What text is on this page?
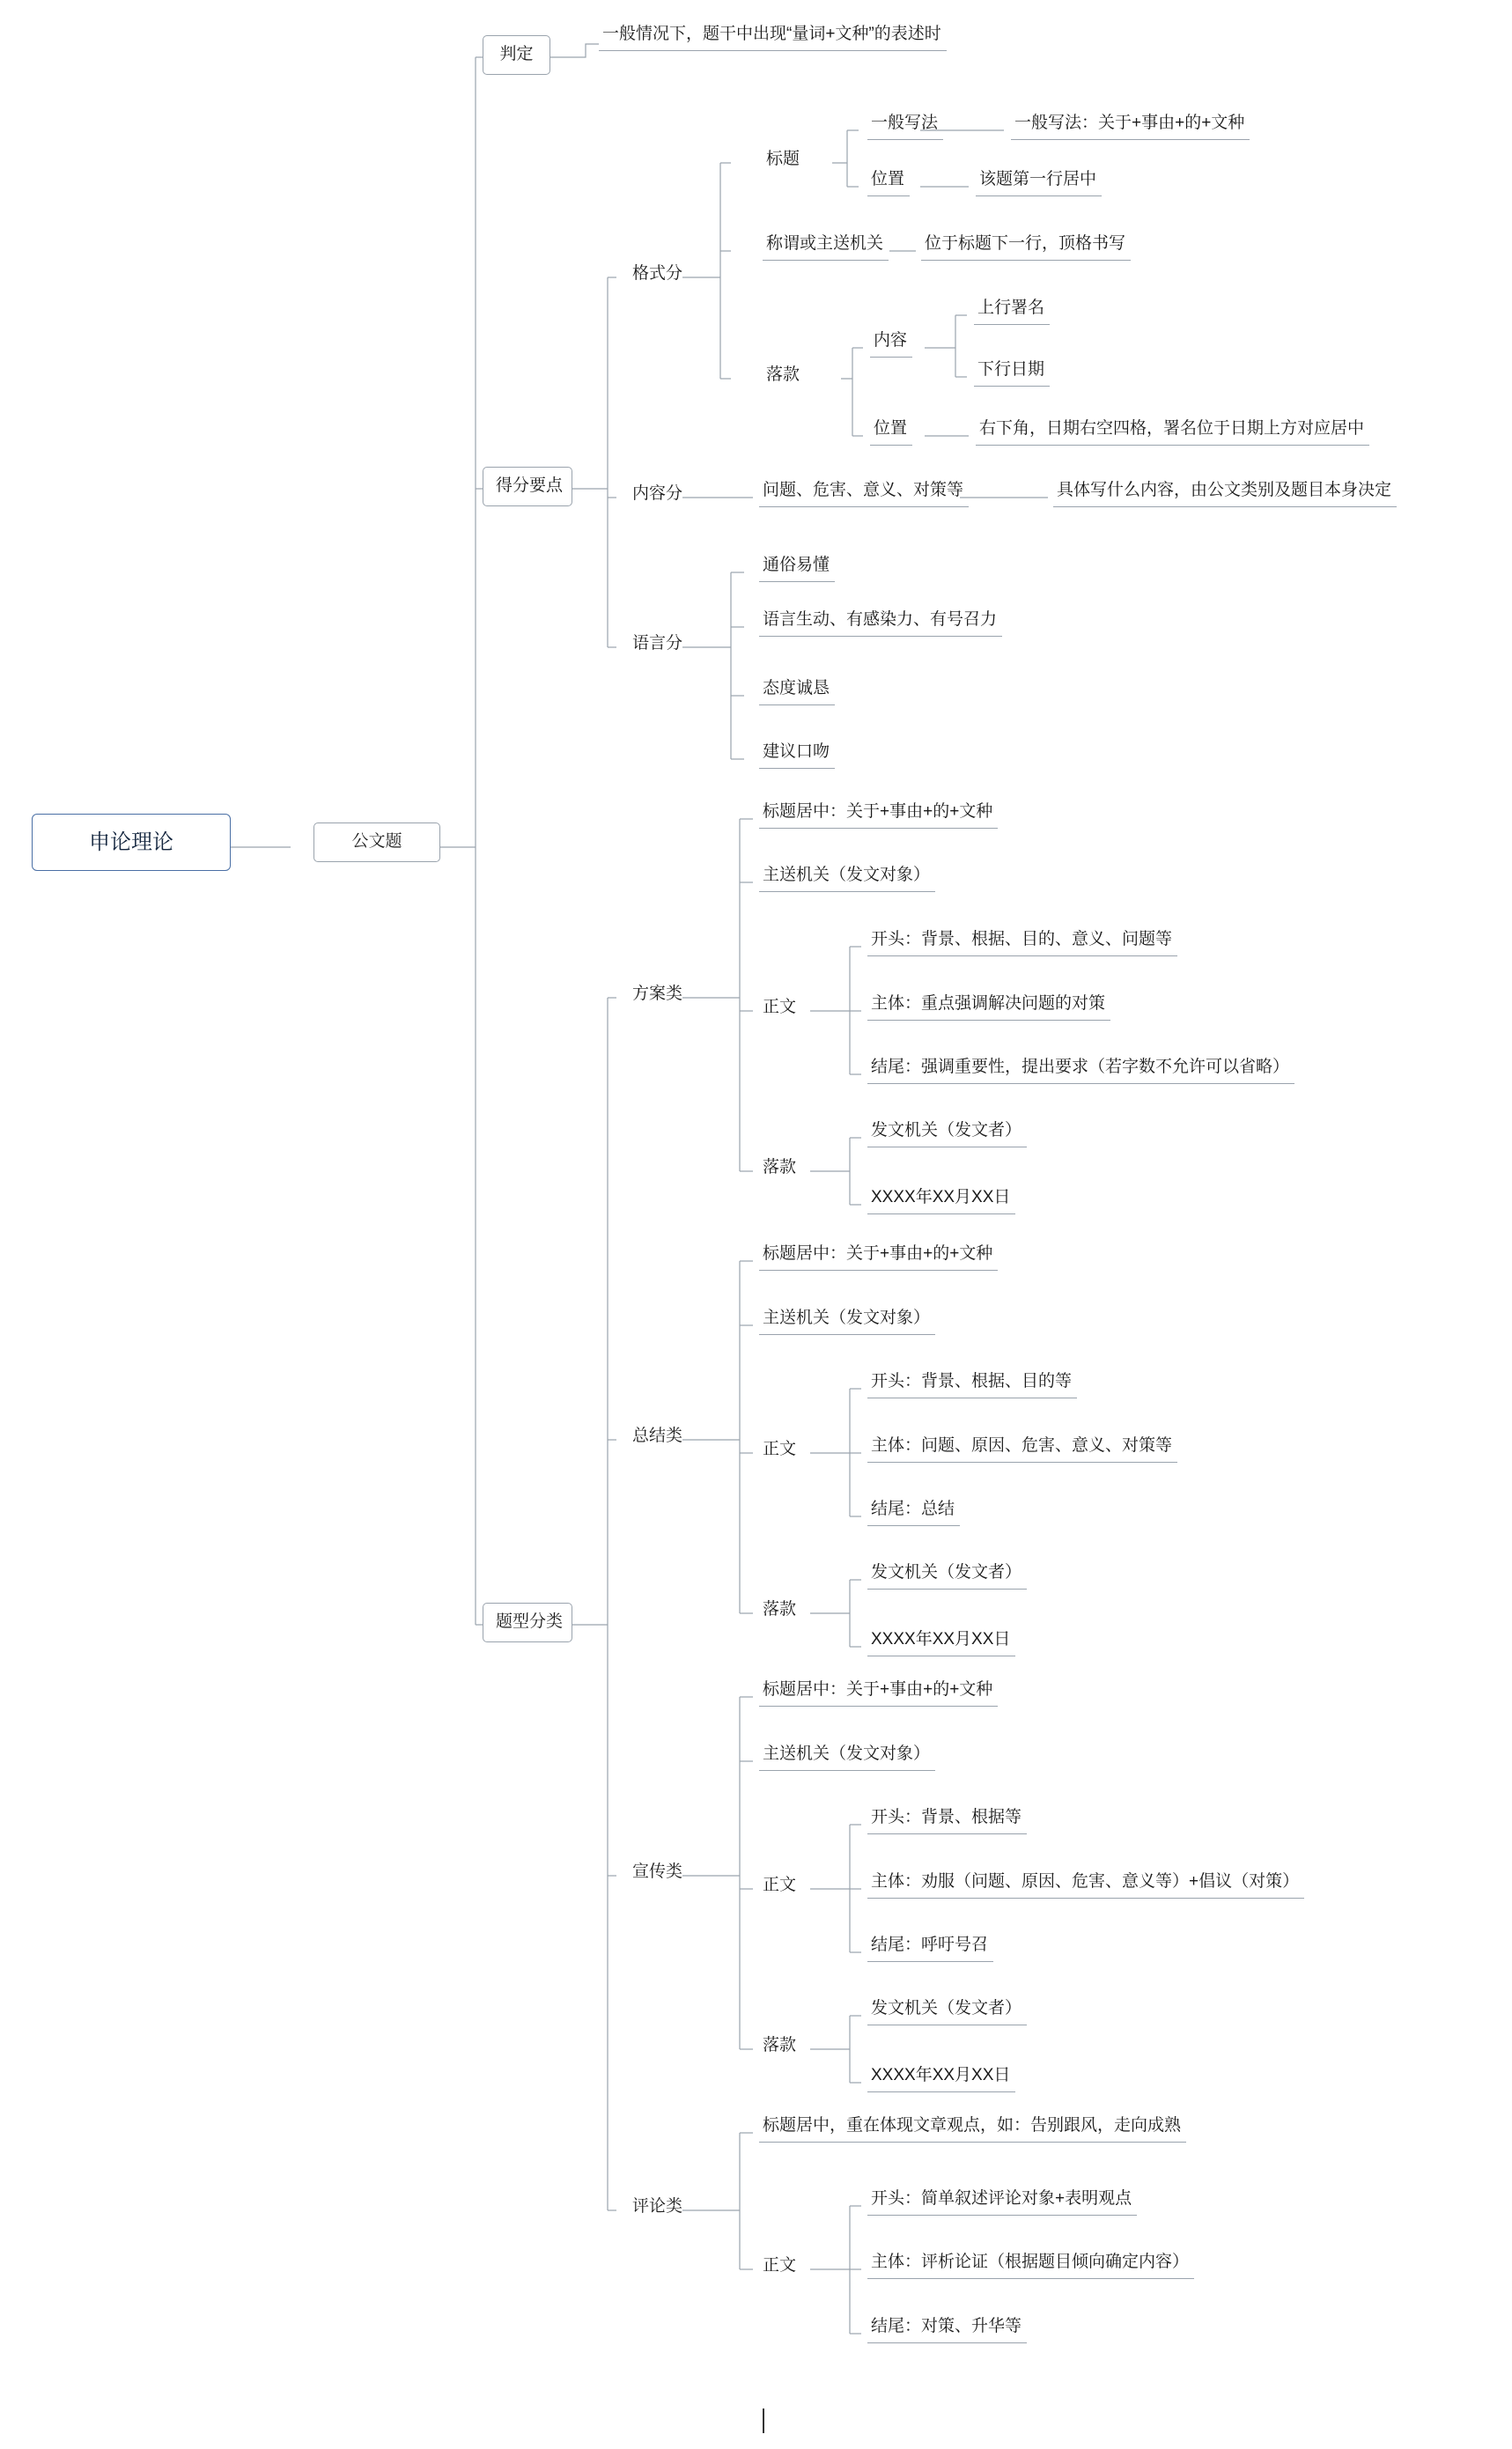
申论理论	公文题
判定
一般情况下，题干中出现“量词+文种”的表述时
得分要点
题型分类
格式分
内容分
语言分
标题
称谓或主送机关
落款
一般写法	一般写法：关于+事由+的+文种
位置	该题第一行居中
位于标题下一行，顶格书写
内容
上行署名
下行日期
位置	右下角，日期右空四格，署名位于日期上方对应居中
问题、危害、意义、对策等	具体写什么内容，由公文类别及题目本身决定
通俗易懂
语言生动、有感染力、有号召力
态度诚恳
建议口吻
方案类
标题居中：关于+事由+的+文种
主送机关（发文对象）
正文
开头：背景、根据、目的、意义、问题等
主体：重点强调解决问题的对策
结尾：强调重要性，提出要求（若字数不允许可以省略）
落款
发文机关（发文者）
XXXX年XX月XX日
总结类
标题居中：关于+事由+的+文种
主送机关（发文对象）
正文
开头：背景、根据、目的等
主体：问题、原因、危害、意义、对策等
结尾：总结
落款
发文机关（发文者）
XXXX年XX月XX日
宣传类
标题居中：关于+事由+的+文种
主送机关（发文对象）
正文
开头：背景、根据等
主体：劝服（问题、原因、危害、意义等）+倡议（对策）
结尾：呼吁号召
落款
发文机关（发文者）
XXXX年XX月XX日
评论类
标题居中，重在体现文章观点，如：告别跟风，走向成熟
正文
开头：简单叙述评论对象+表明观点
主体：评析论证（根据题目倾向确定内容）
结尾：对策、升华等
